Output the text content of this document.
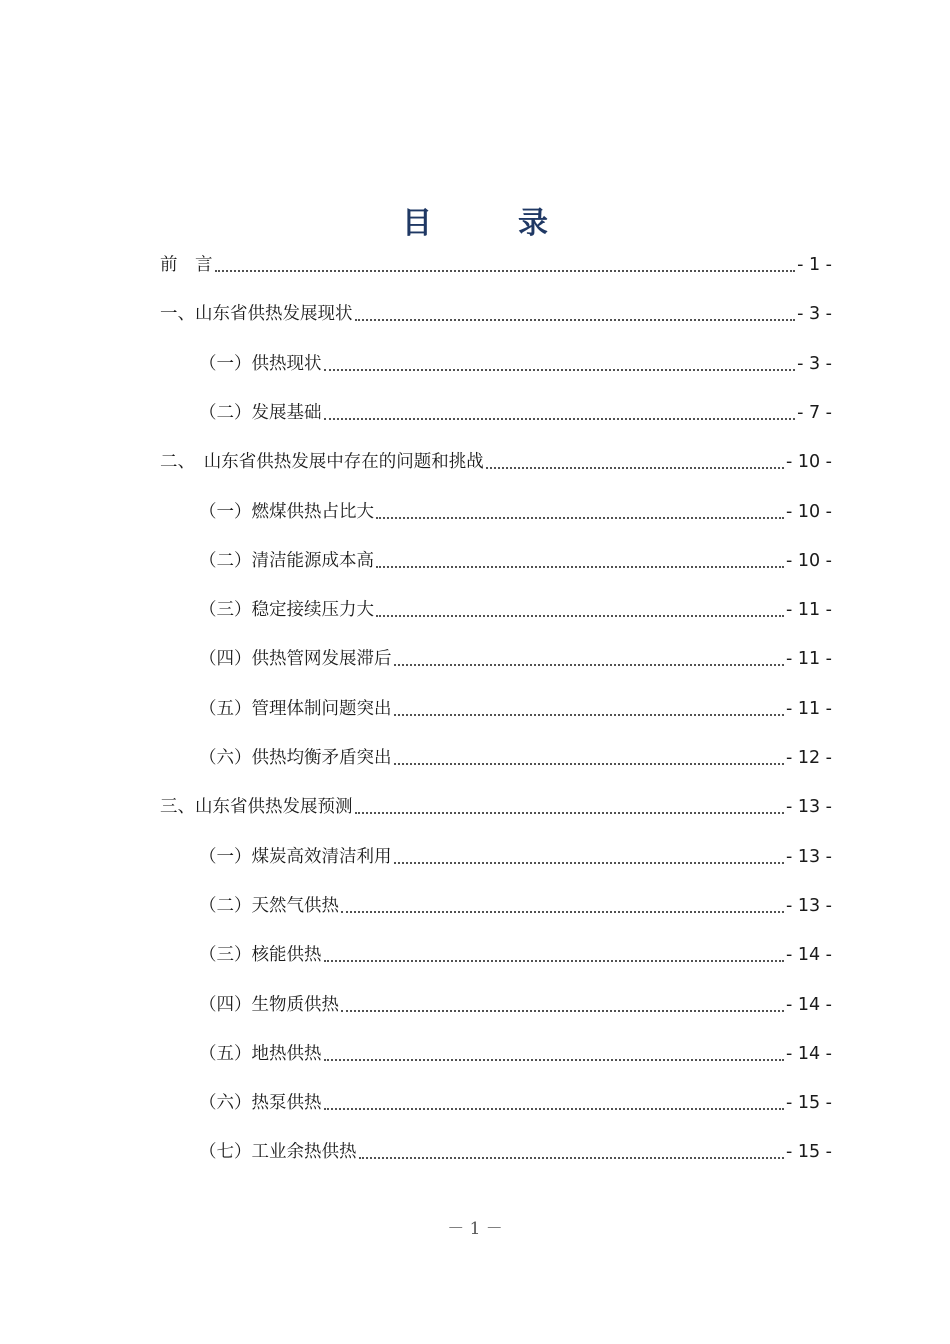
目　录
前　言	- 1 -
一、山东省供热发展现状	- 3 -
（一）供热现状	- 3 -
（二）发展基础	- 7 -
二、　山东省供热发展中存在的问题和挑战	- 10 -
（一）燃煤供热占比大	- 10 -
（二）清洁能源成本高	- 10 -
（三）稳定接续压力大	- 11 -
（四）供热管网发展滞后	- 11 -
（五）管理体制问题突出	- 11 -
（六）供热均衡矛盾突出	- 12 -
三、山东省供热发展预测	- 13 -
（一）煤炭高效清洁利用	- 13 -
（二）天然气供热	- 13 -
（三）核能供热	- 14 -
（四）生物质供热	- 14 -
（五）地热供热	- 14 -
（六）热泵供热	- 15 -
（七）工业余热供热	- 15 -
－ 1 －
